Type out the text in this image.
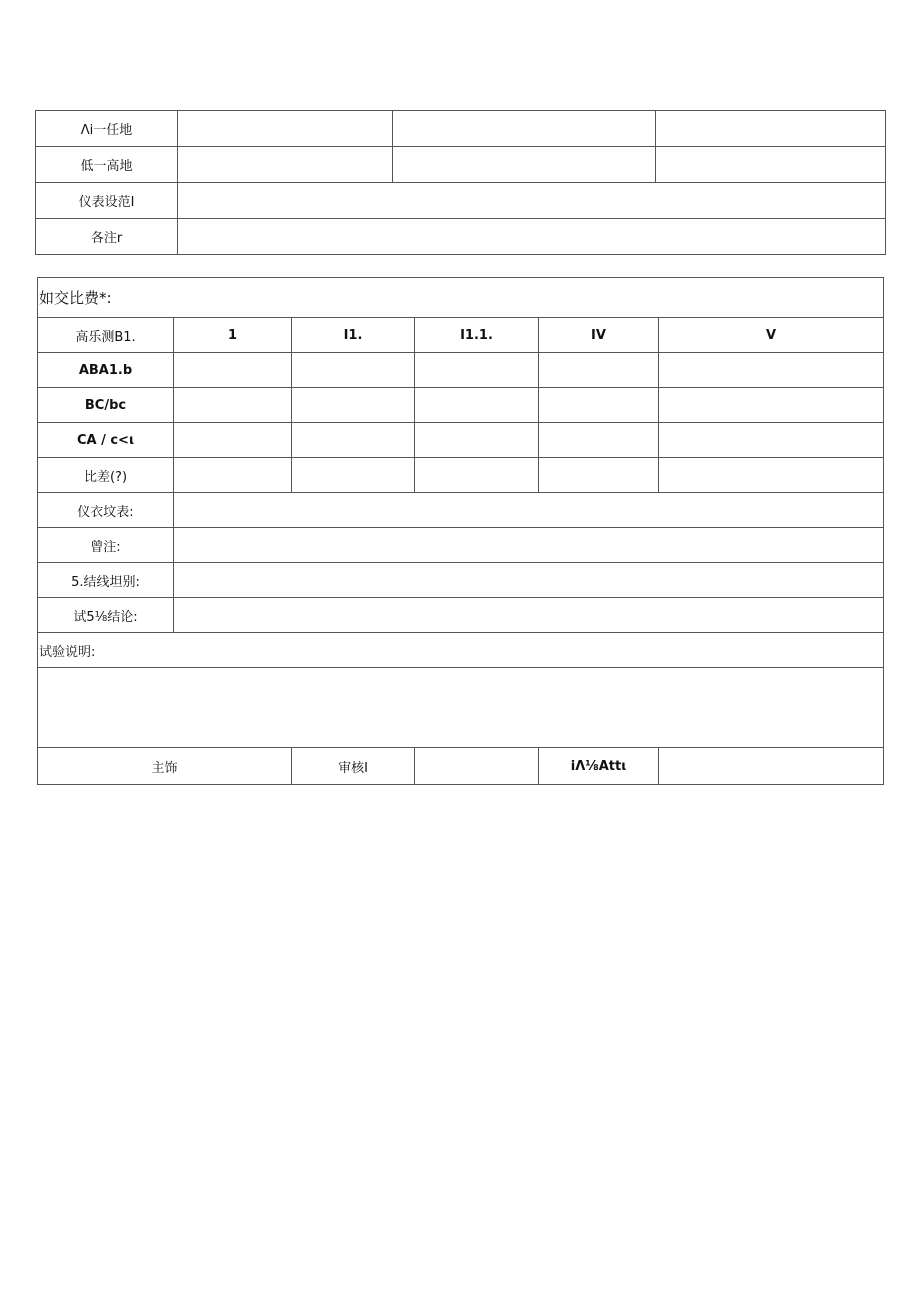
Λi一任地			
低一高地			
仪表设范I			
各注r			
如交比费*:					
高乐测B1.	1	I1.	I1.1.	IV	V
ABA1.b					
BC/bc					
CA / c<ι					
比差(?)					
仪衣坟表:					
曾注:					
5.结线坦别:					
试5⅛结论:					
试验说明:					

主饰		审核I		iΛ⅛Attι	
